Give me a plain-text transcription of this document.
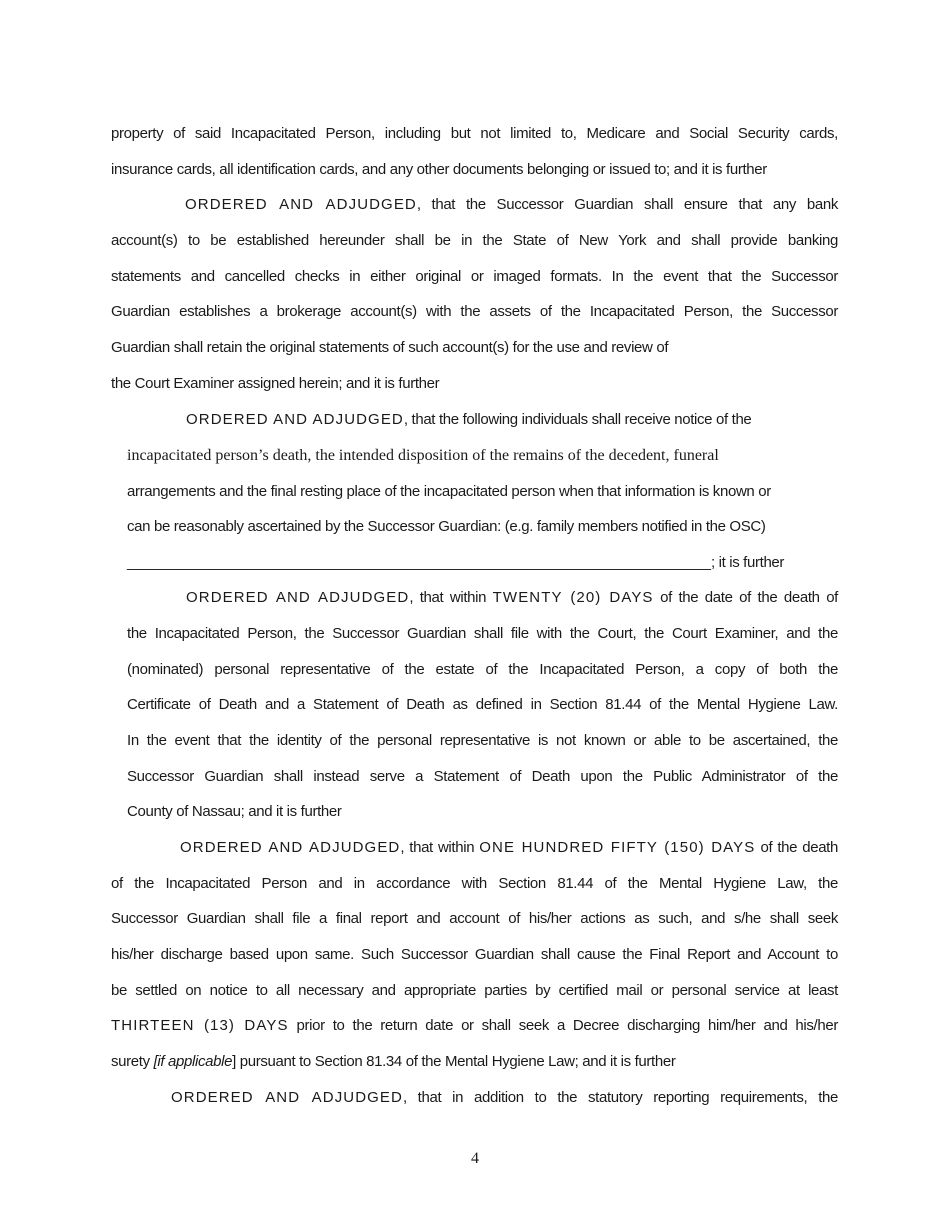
property of said Incapacitated Person, including but not limited to, Medicare and Social Security cards,
insurance cards, all identification cards, and any other documents belonging or issued to; and it is further
ORDERED AND ADJUDGED, that the Successor Guardian shall ensure that any bank
account(s) to be established hereunder shall be in the State of New York and shall provide banking
statements and cancelled checks in either original or imaged formats. In the event that the Successor
Guardian establishes a brokerage account(s) with the assets of the Incapacitated Person, the Successor
Guardian shall retain the original statements of such account(s) for the use and review of
the Court Examiner assigned herein; and it is further
ORDERED AND ADJUDGED, that the following individuals shall receive notice of the
incapacitated person’s death, the intended disposition of the remains of the decedent, funeral
arrangements and the final resting place of the incapacitated person when that information is known or
can be reasonably ascertained by the Successor Guardian: (e.g. family members notified in the OSC)
______________________________________________________________________; it is further
ORDERED AND ADJUDGED, that within TWENTY (20) DAYS of the date of the death of
the Incapacitated Person, the Successor Guardian shall file with the Court, the Court Examiner, and the
(nominated) personal representative of the estate of the Incapacitated Person, a copy of both the
Certificate of Death and a Statement of Death as defined in Section 81.44 of the Mental Hygiene Law.
In the event that the identity of the personal representative is not known or able to be ascertained, the
Successor Guardian shall instead serve a Statement of Death upon the Public Administrator of the
County of Nassau; and it is further
ORDERED AND ADJUDGED, that within ONE HUNDRED FIFTY (150) DAYS of the death
of the Incapacitated Person and in accordance with Section 81.44 of the Mental Hygiene Law, the
Successor Guardian shall file a final report and account of his/her actions as such, and s/he shall seek
his/her discharge based upon same. Such Successor Guardian shall cause the Final Report and Account to
be settled on notice to all necessary and appropriate parties by certified mail or personal service at least
THIRTEEN (13) DAYS prior to the return date or shall seek a Decree discharging him/her and his/her
surety [if applicable] pursuant to Section 81.34 of the Mental Hygiene Law; and it is further
ORDERED AND ADJUDGED, that in addition to the statutory reporting requirements, the
4
